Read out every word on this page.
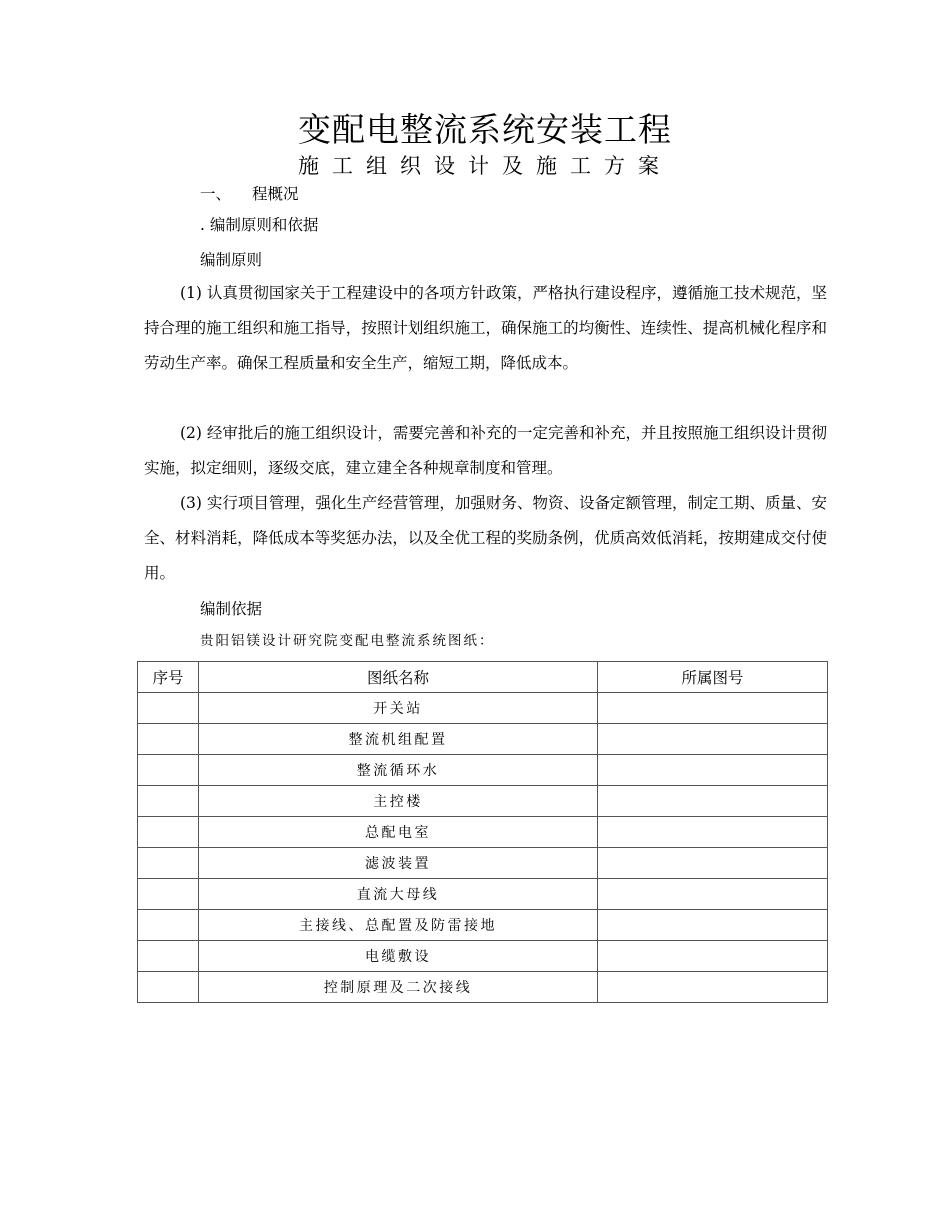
变配电整流系统安装工程
施工组织设计及施工方案
一、 程概况
. 编制原则和依据
编制原则
(1) 认真贯彻国家关于工程建设中的各项方针政策，严格执行建设程序，遵循施工技术规范，坚持合理的施工组织和施工指导，按照计划组织施工，确保施工的均衡性、连续性、提高机械化程序和劳动生产率。确保工程质量和安全生产，缩短工期，降低成本。
(2) 经审批后的施工组织设计，需要完善和补充的一定完善和补充，并且按照施工组织设计贯彻实施，拟定细则，逐级交底，建立建全各种规章制度和管理。
(3) 实行项目管理，强化生产经营管理，加强财务、物资、设备定额管理，制定工期、质量、安全、材料消耗，降低成本等奖惩办法，以及全优工程的奖励条例，优质高效低消耗，按期建成交付使用。
编制依据
贵阳铝镁设计研究院变配电整流系统图纸：
序号	图纸名称	所属图号
	开关站	
	整流机组配置	
	整流循环水	
	主控楼	
	总配电室	
	滤波装置	
	直流大母线	
	主接线、总配置及防雷接地	
	电缆敷设	
	控制原理及二次接线	
